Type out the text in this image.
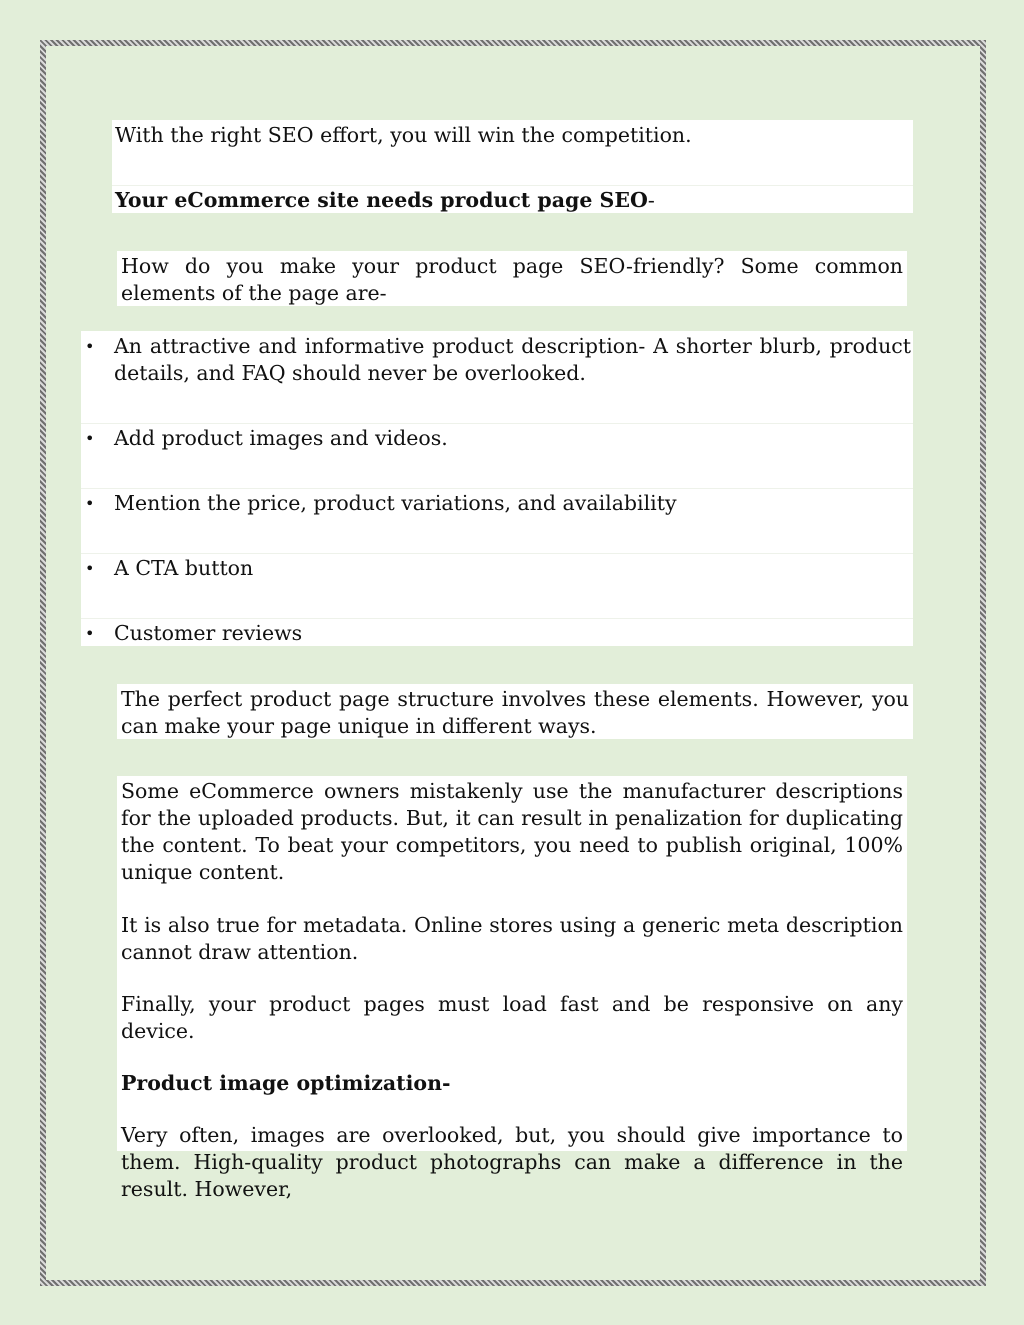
With the right SEO effort, you will win the competition.
Your eCommerce site needs product page SEO-

How do you make your product page SEO-friendly? Some common elements of the page are-

• An attractive and informative product description- A shorter blurb, product details, and FAQ should never be overlooked.
• Add product images and videos.
• Mention the price, product variations, and availability
• A CTA button
• Customer reviews

The perfect product page structure involves these elements. However, you can make your page unique in different ways.

Some eCommerce owners mistakenly use the manufacturer descriptions for the uploaded products. But, it can result in penalization for duplicating the content. To beat your competitors, you need to publish original, 100% unique content.

It is also true for metadata. Online stores using a generic meta description cannot draw attention.

Finally, your product pages must load fast and be responsive on any device.

Product image optimization-

Very often, images are overlooked, but, you should give importance to them. High-quality product photographs can make a difference in the result. However,
